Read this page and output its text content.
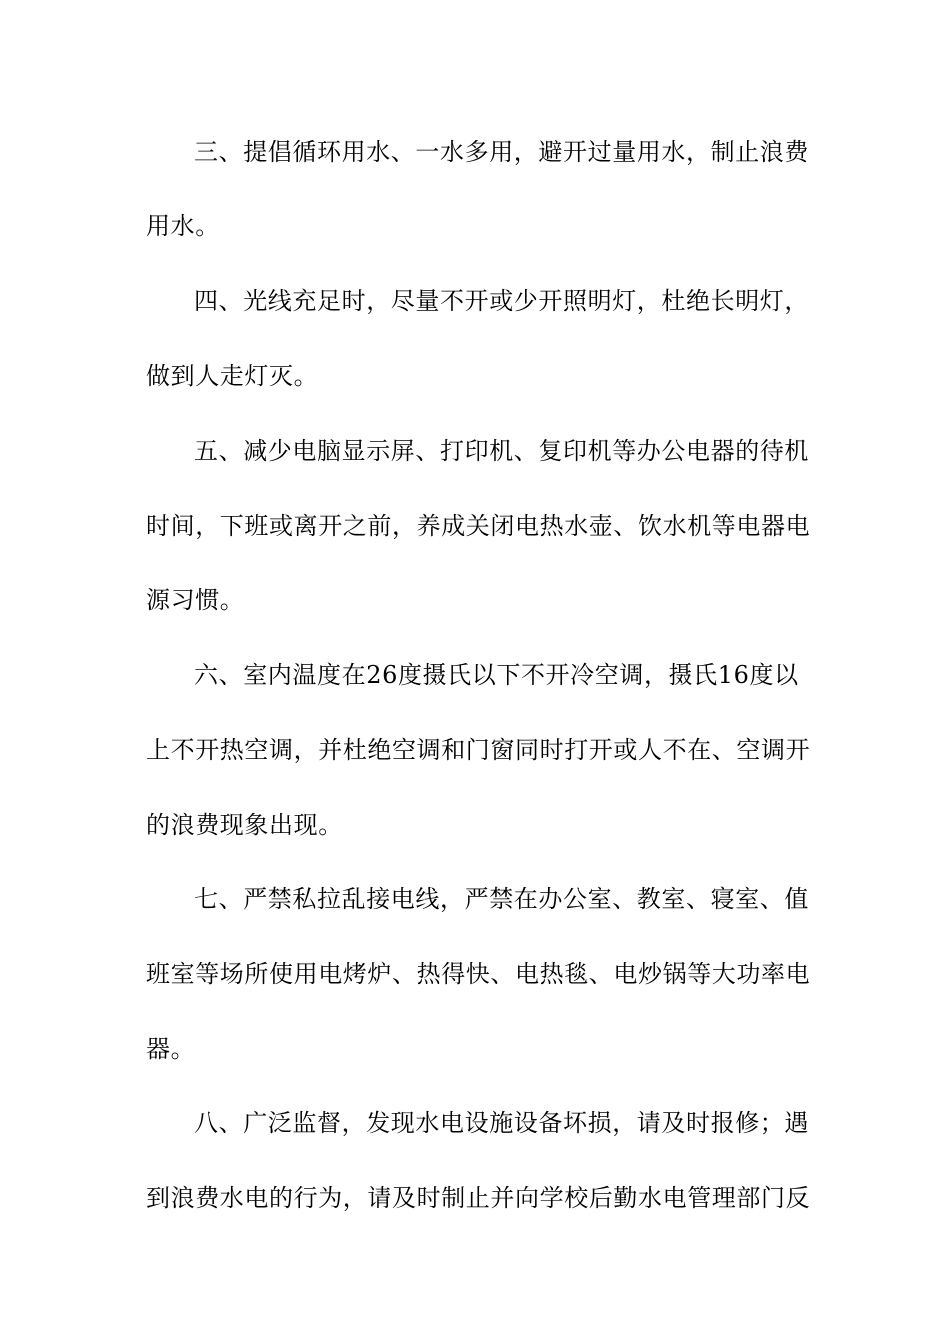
三、提倡循环用水、一水多用，避开过量用水，制止浪费
用水。
四、光线充足时，尽量不开或少开照明灯，杜绝长明灯，
做到人走灯灭。
五、减少电脑显示屏、打印机、复印机等办公电器的待机
时间，下班或离开之前，养成关闭电热水壶、饮水机等电器电
源习惯。
六、室内温度在26度摄氏以下不开冷空调，摄氏16度以
上不开热空调，并杜绝空调和门窗同时打开或人不在、空调开
的浪费现象出现。
七、严禁私拉乱接电线，严禁在办公室、教室、寝室、值
班室等场所使用电烤炉、热得快、电热毯、电炒锅等大功率电
器。
八、广泛监督，发现水电设施设备坏损，请及时报修；遇
到浪费水电的行为，请及时制止并向学校后勤水电管理部门反
